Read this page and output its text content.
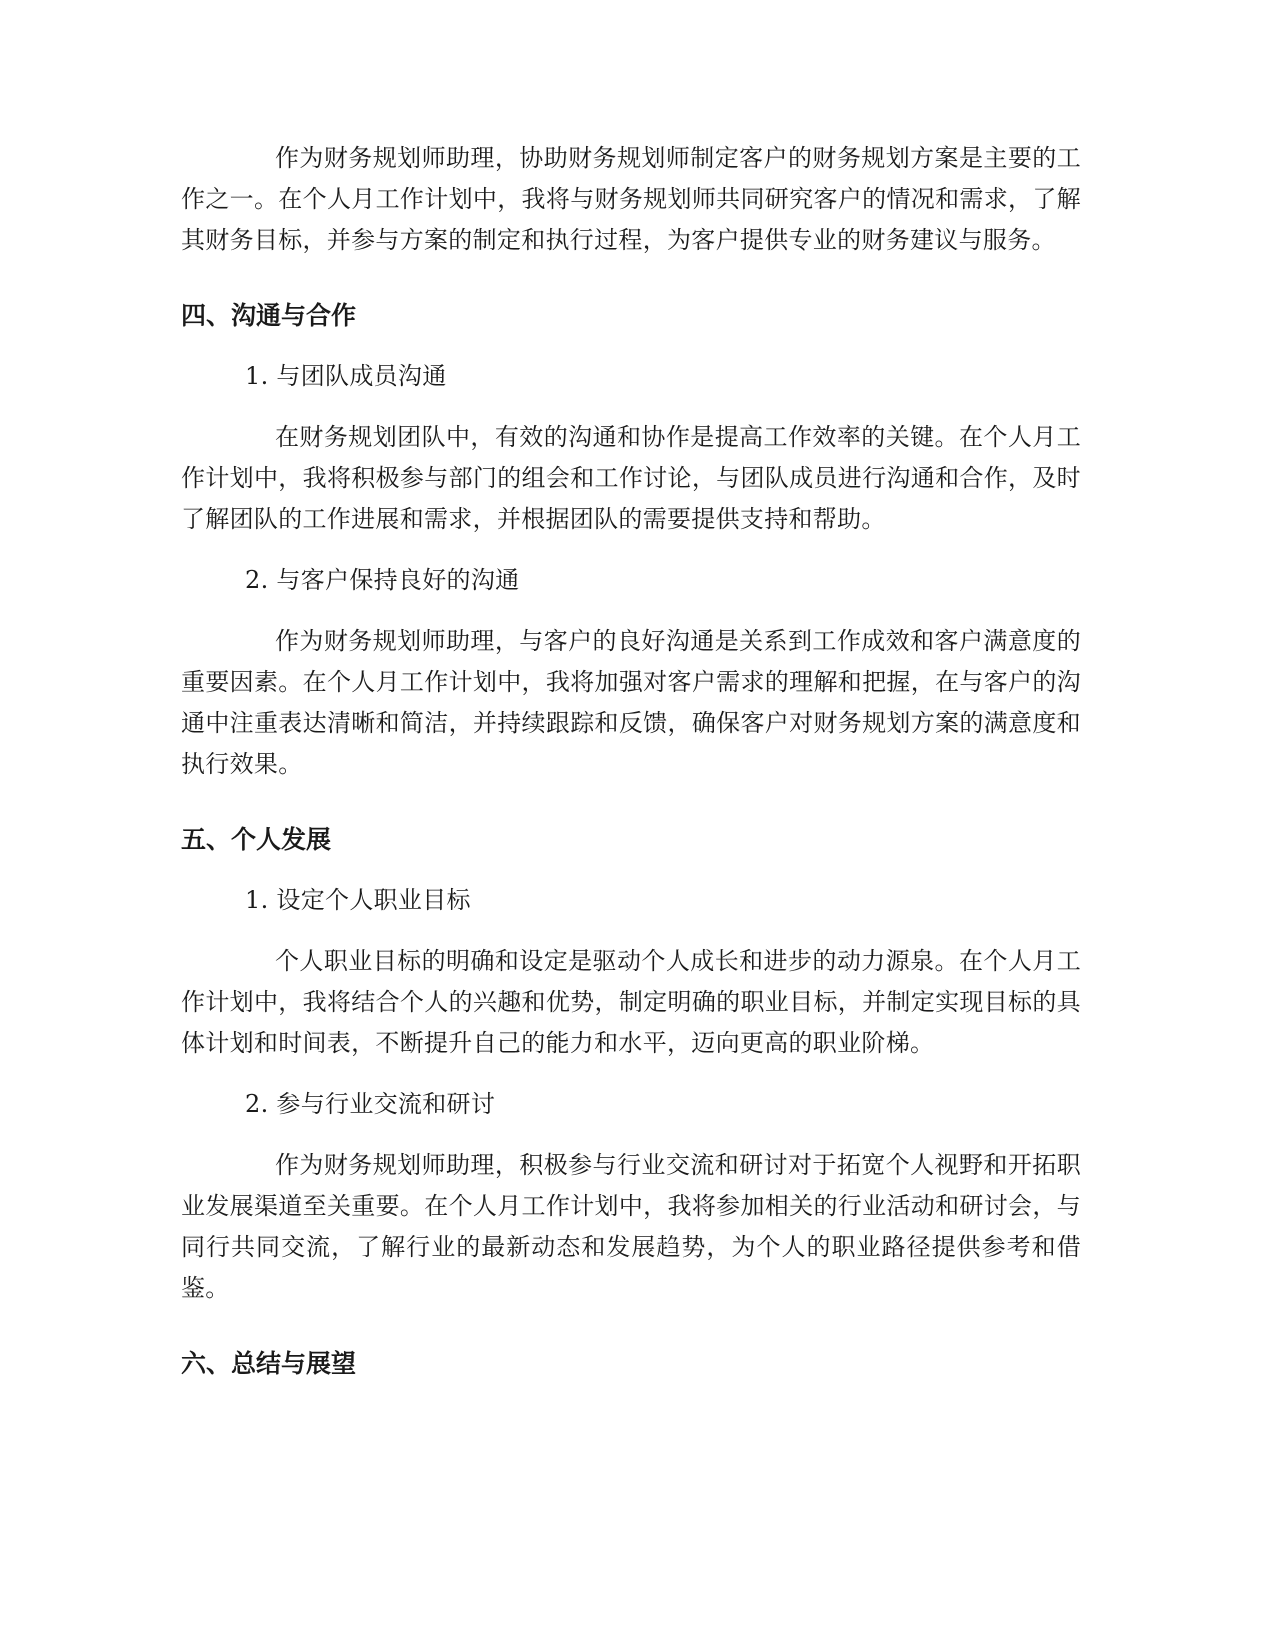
作为财务规划师助理，协助财务规划师制定客户的财务规划方案是主要的工作之一。在个人月工作计划中，我将与财务规划师共同研究客户的情况和需求，了解其财务目标，并参与方案的制定和执行过程，为客户提供专业的财务建议与服务。

四、沟通与合作
1. 与团队成员沟通

在财务规划团队中，有效的沟通和协作是提高工作效率的关键。在个人月工作计划中，我将积极参与部门的组会和工作讨论，与团队成员进行沟通和合作，及时了解团队的工作进展和需求，并根据团队的需要提供支持和帮助。

2. 与客户保持良好的沟通

作为财务规划师助理，与客户的良好沟通是关系到工作成效和客户满意度的重要因素。在个人月工作计划中，我将加强对客户需求的理解和把握，在与客户的沟通中注重表达清晰和简洁，并持续跟踪和反馈，确保客户对财务规划方案的满意度和执行效果。

五、个人发展
1. 设定个人职业目标

个人职业目标的明确和设定是驱动个人成长和进步的动力源泉。在个人月工作计划中，我将结合个人的兴趣和优势，制定明确的职业目标，并制定实现目标的具体计划和时间表，不断提升自己的能力和水平，迈向更高的职业阶梯。

2. 参与行业交流和研讨

作为财务规划师助理，积极参与行业交流和研讨对于拓宽个人视野和开拓职业发展渠道至关重要。在个人月工作计划中，我将参加相关的行业活动和研讨会，与同行共同交流，了解行业的最新动态和发展趋势，为个人的职业路径提供参考和借鉴。

六、总结与展望
